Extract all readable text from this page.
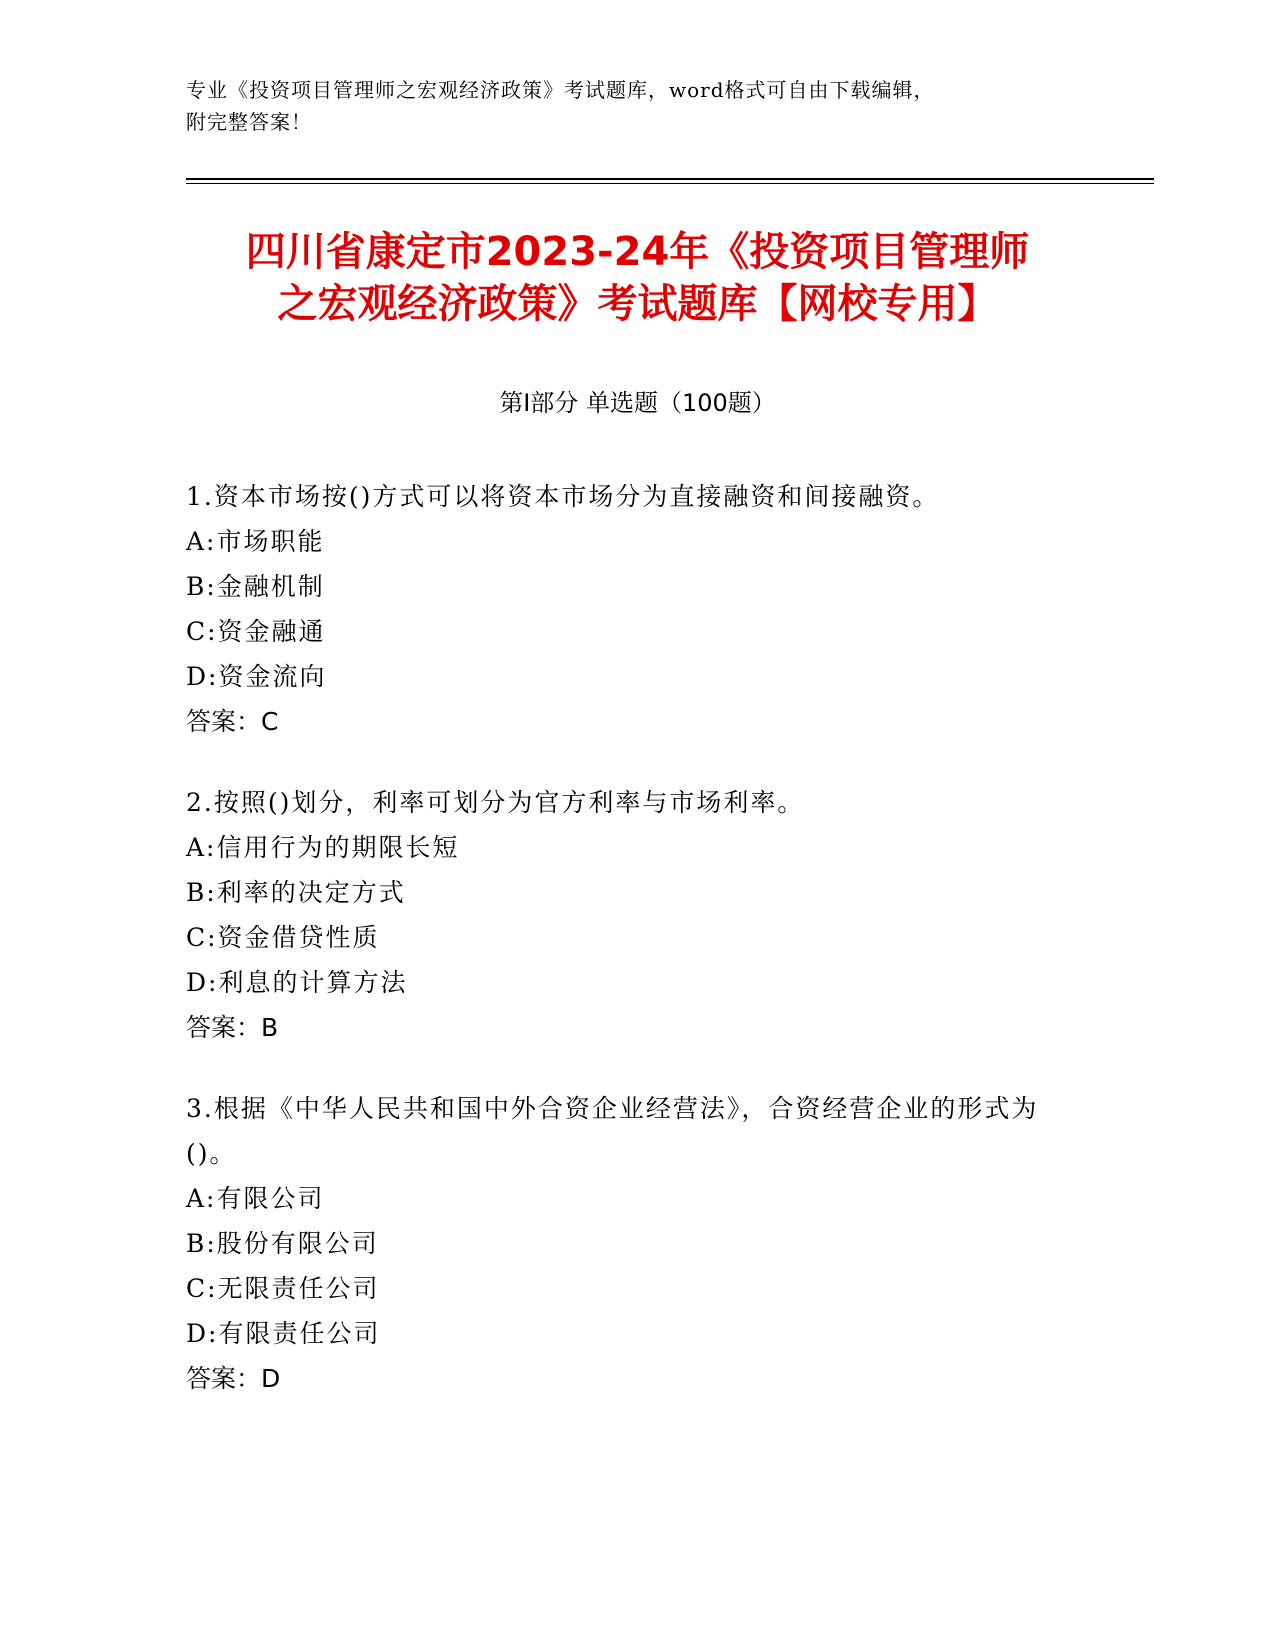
专业《投资项目管理师之宏观经济政策》考试题库，word格式可自由下载编辑，
附完整答案！
四川省康定市2023-24年《投资项目管理师
之宏观经济政策》考试题库【网校专用】
第I部分 单选题（100题）
1.资本市场按()方式可以将资本市场分为直接融资和间接融资。
A:市场职能
B:金融机制
C:资金融通
D:资金流向
答案：C
2.按照()划分，利率可划分为官方利率与市场利率。
A:信用行为的期限长短
B:利率的决定方式
C:资金借贷性质
D:利息的计算方法
答案：B
3.根据《中华人民共和国中外合资企业经营法》，合资经营企业的形式为()。
A:有限公司
B:股份有限公司
C:无限责任公司
D:有限责任公司
答案：D
